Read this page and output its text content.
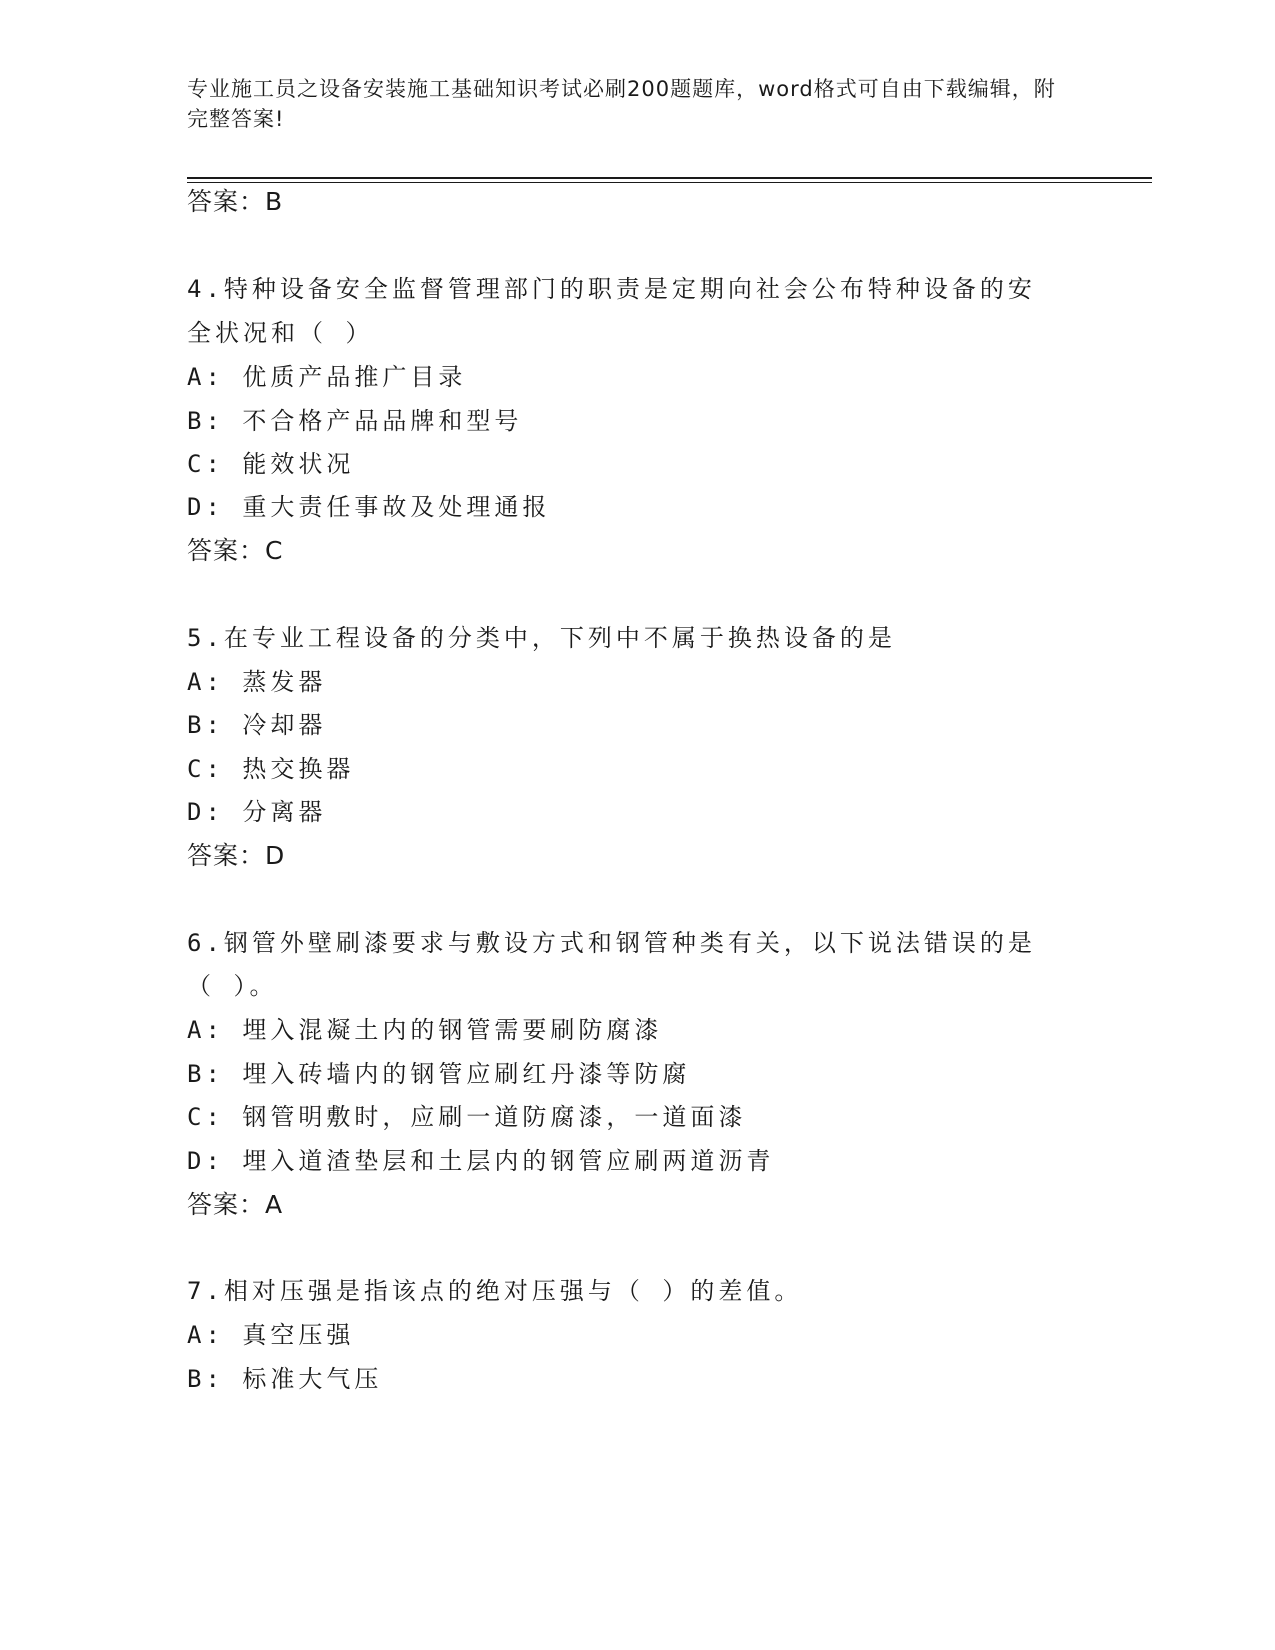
专业施工员之设备安装施工基础知识考试必刷200题题库，word格式可自由下载编辑，附完整答案!
答案：B
4.特种设备安全监督管理部门的职责是定期向社会公布特种设备的安
全状况和（ ）
A: 优质产品推广目录
B: 不合格产品品牌和型号
C: 能效状况
D: 重大责任事故及处理通报
答案：C
5.在专业工程设备的分类中，下列中不属于换热设备的是
A: 蒸发器
B: 冷却器
C: 热交换器
D: 分离器
答案：D
6.钢管外壁刷漆要求与敷设方式和钢管种类有关，以下说法错误的是
（ ）。
A: 埋入混凝土内的钢管需要刷防腐漆
B: 埋入砖墙内的钢管应刷红丹漆等防腐
C: 钢管明敷时，应刷一道防腐漆，一道面漆
D: 埋入道渣垫层和土层内的钢管应刷两道沥青
答案：A
7.相对压强是指该点的绝对压强与（ ）的差值。
A: 真空压强
B: 标准大气压
